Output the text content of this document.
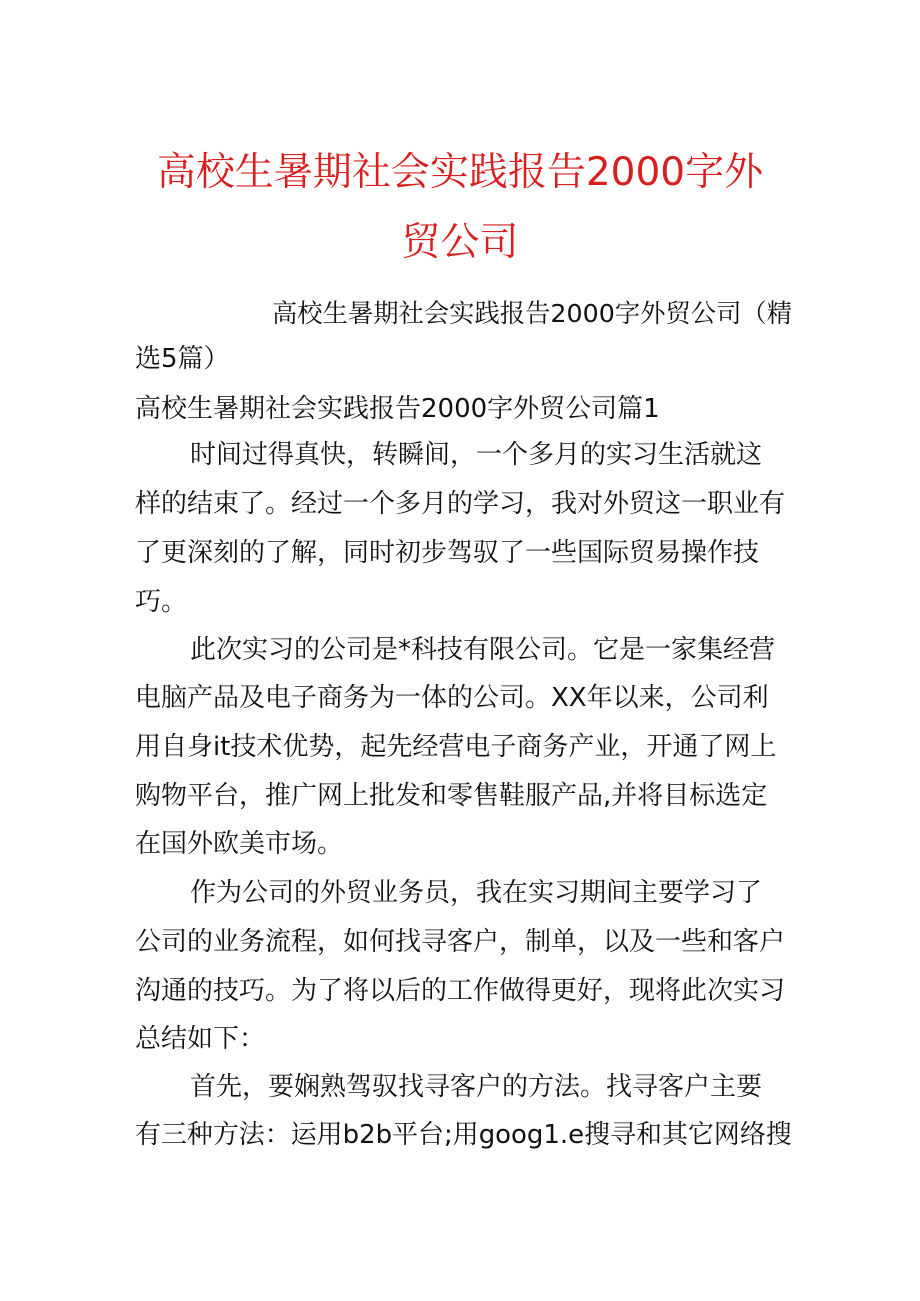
高校生暑期社会实践报告2000字外
贸公司
高校生暑期社会实践报告2000字外贸公司（精
选5篇）
高校生暑期社会实践报告2000字外贸公司篇1
时间过得真快，转瞬间，一个多月的实习生活就这
样的结束了。经过一个多月的学习，我对外贸这一职业有
了更深刻的了解，同时初步驾驭了一些国际贸易操作技
巧。
此次实习的公司是*科技有限公司。它是一家集经营
电脑产品及电子商务为一体的公司。XX年以来，公司利
用自身it技术优势，起先经营电子商务产业，开通了网上
购物平台，推广网上批发和零售鞋服产品,并将目标选定
在国外欧美市场。
作为公司的外贸业务员，我在实习期间主要学习了
公司的业务流程，如何找寻客户，制单，以及一些和客户
沟通的技巧。为了将以后的工作做得更好，现将此次实习
总结如下：
首先，要娴熟驾驭找寻客户的方法。找寻客户主要
有三种方法：运用b2b平台;用goog1.e搜寻和其它网络搜
